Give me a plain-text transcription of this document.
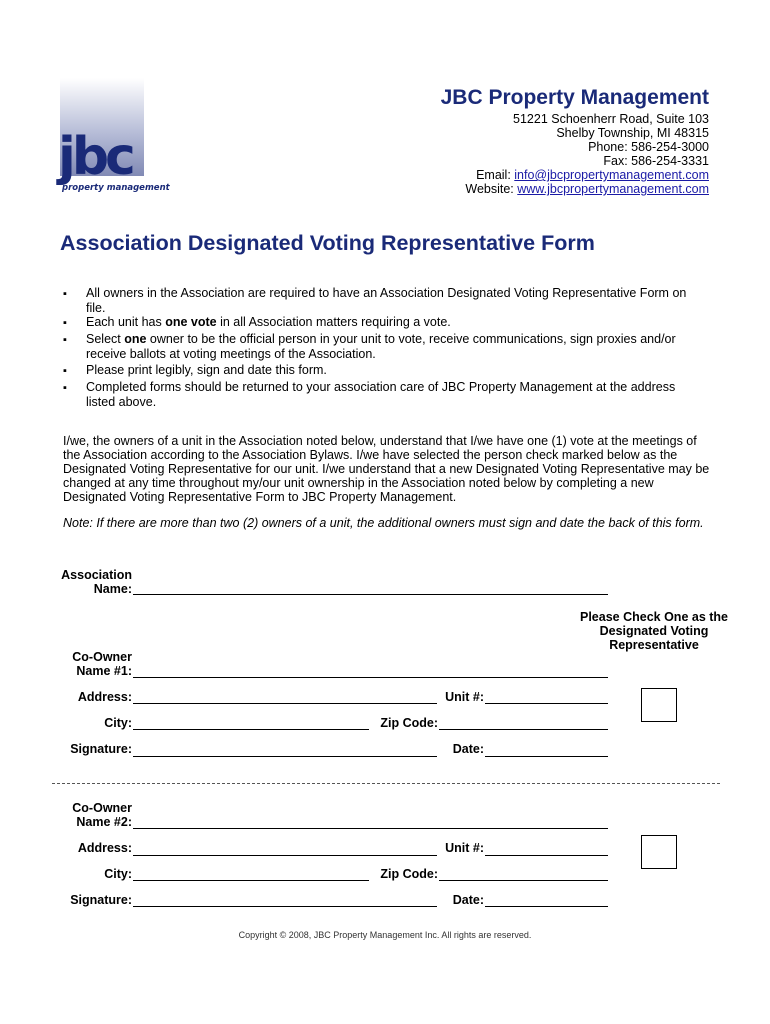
jbc
property management
JBC Property Management
51221 Schoenherr Road, Suite 103
Shelby Township, MI 48315
Phone: 586-254-3000
Fax: 586-254-3331
Email: info@jbcpropertymanagement.com
Website: www.jbcpropertymanagement.com
Association Designated Voting Representative Form
▪ All owners in the Association are required to have an Association Designated Voting Representative Form on file.
▪ Each unit has one vote in all Association matters requiring a vote.
▪ Select one owner to be the official person in your unit to vote, receive communications, sign proxies and/or receive ballots at voting meetings of the Association.
▪ Please print legibly, sign and date this form.
▪ Completed forms should be returned to your association care of JBC Property Management at the address listed above.
I/we, the owners of a unit in the Association noted below, understand that I/we have one (1) vote at the meetings of the Association according to the Association Bylaws. I/we have selected the person check marked below as the Designated Voting Representative for our unit. I/we understand that a new Designated Voting Representative may be changed at any time throughout my/our unit ownership in the Association noted below by completing a new Designated Voting Representative Form to JBC Property Management.
Note: If there are more than two (2) owners of a unit, the additional owners must sign and date the back of this form.
Association
Name:
Please Check One as the Designated Voting Representative
Co-Owner
Name #1:
Address:	Unit #:
City:	Zip Code:
Signature:	Date:
Co-Owner
Name #2:
Address:	Unit #:
City:	Zip Code:
Signature:	Date:
Copyright © 2008, JBC Property Management Inc. All rights are reserved.
